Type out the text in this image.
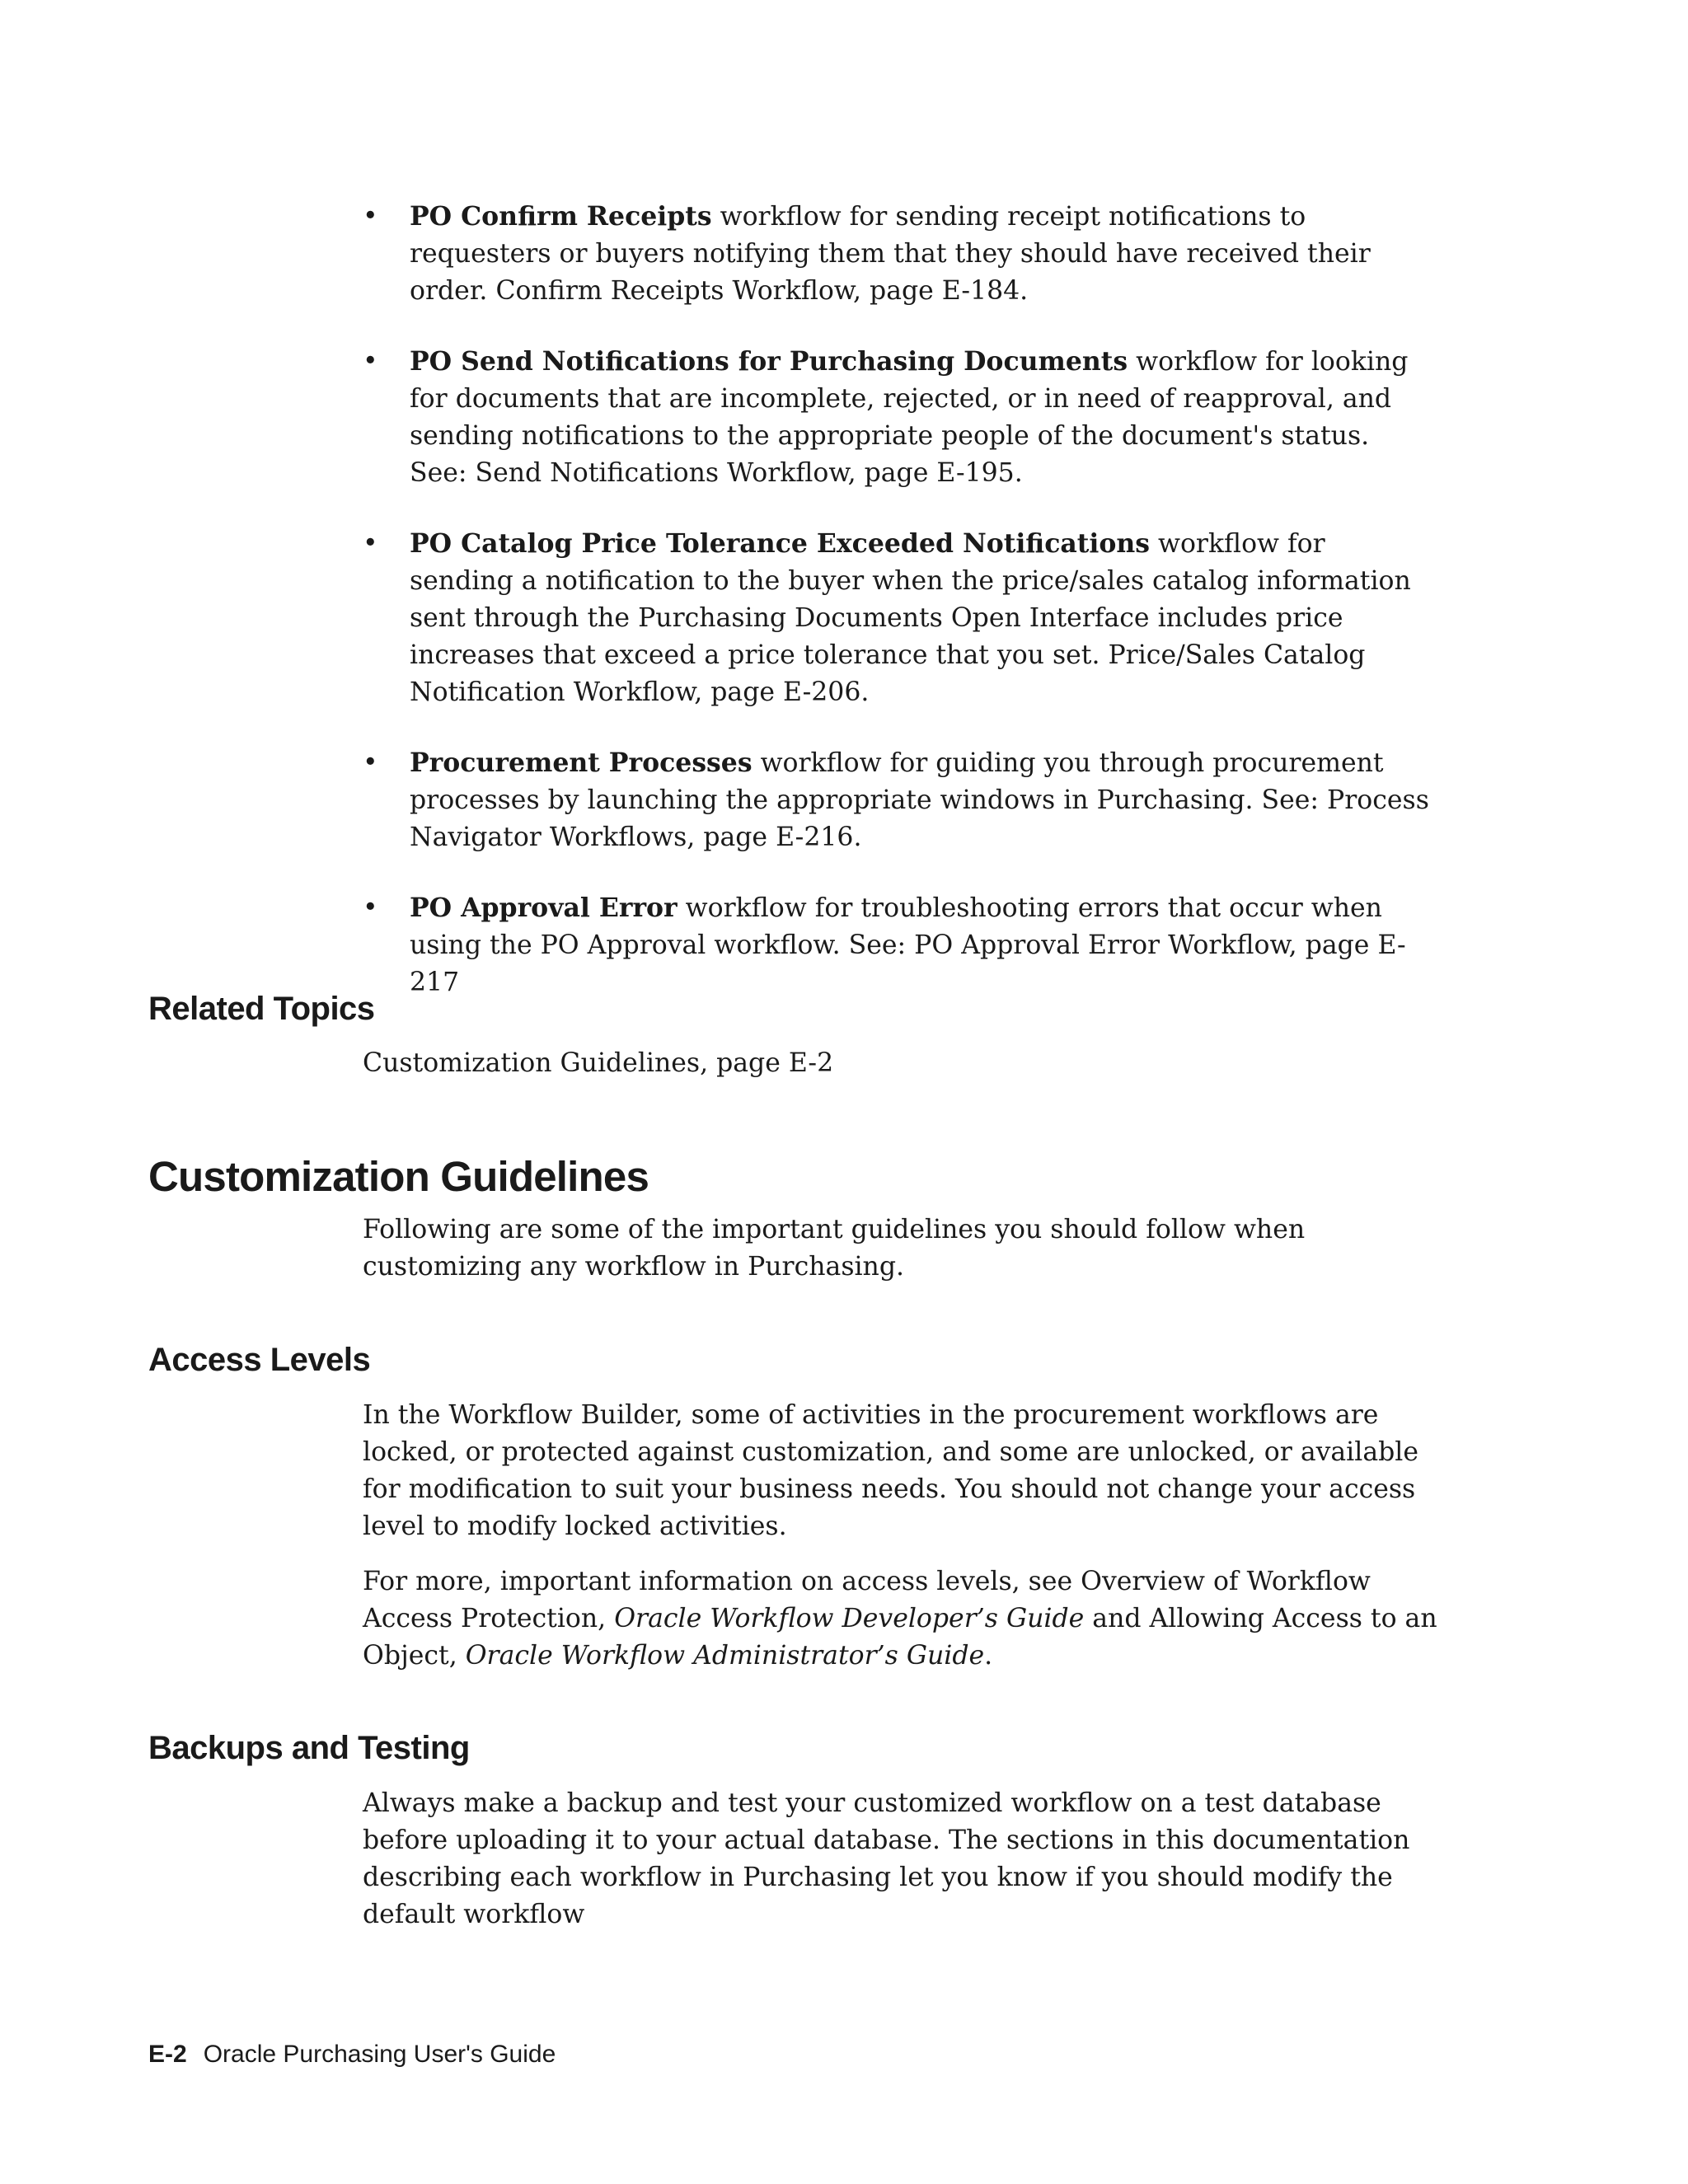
• PO Confirm Receipts workflow for sending receipt notifications to requesters or buyers notifying them that they should have received their order. Confirm Receipts Workflow, page E-184.
• PO Send Notifications for Purchasing Documents workflow for looking for documents that are incomplete, rejected, or in need of reapproval, and sending notifications to the appropriate people of the document's status. See: Send Notifications Workflow, page E-195.
• PO Catalog Price Tolerance Exceeded Notifications workflow for sending a notification to the buyer when the price/sales catalog information sent through the Purchasing Documents Open Interface includes price increases that exceed a price tolerance that you set. Price/Sales Catalog Notification Workflow, page E-206.
• Procurement Processes workflow for guiding you through procurement processes by launching the appropriate windows in Purchasing. See: Process Navigator Workflows, page E-216.
• PO Approval Error workflow for troubleshooting errors that occur when using the PO Approval workflow. See: PO Approval Error Workflow, page E-217
Related Topics

Customization Guidelines, page E-2

Customization Guidelines

Following are some of the important guidelines you should follow when customizing any workflow in Purchasing.

Access Levels

In the Workflow Builder, some of activities in the procurement workflows are locked, or protected against customization, and some are unlocked, or available for modification to suit your business needs. You should not change your access level to modify locked activities.

For more, important information on access levels, see Overview of Workflow Access Protection, Oracle Workflow Developer’s Guide and Allowing Access to an Object, Oracle Workflow Administrator’s Guide.

Backups and Testing

Always make a backup and test your customized workflow on a test database before uploading it to your actual database. The sections in this documentation describing each workflow in Purchasing let you know if you should modify the default workflow

E-2 Oracle Purchasing User's Guide
